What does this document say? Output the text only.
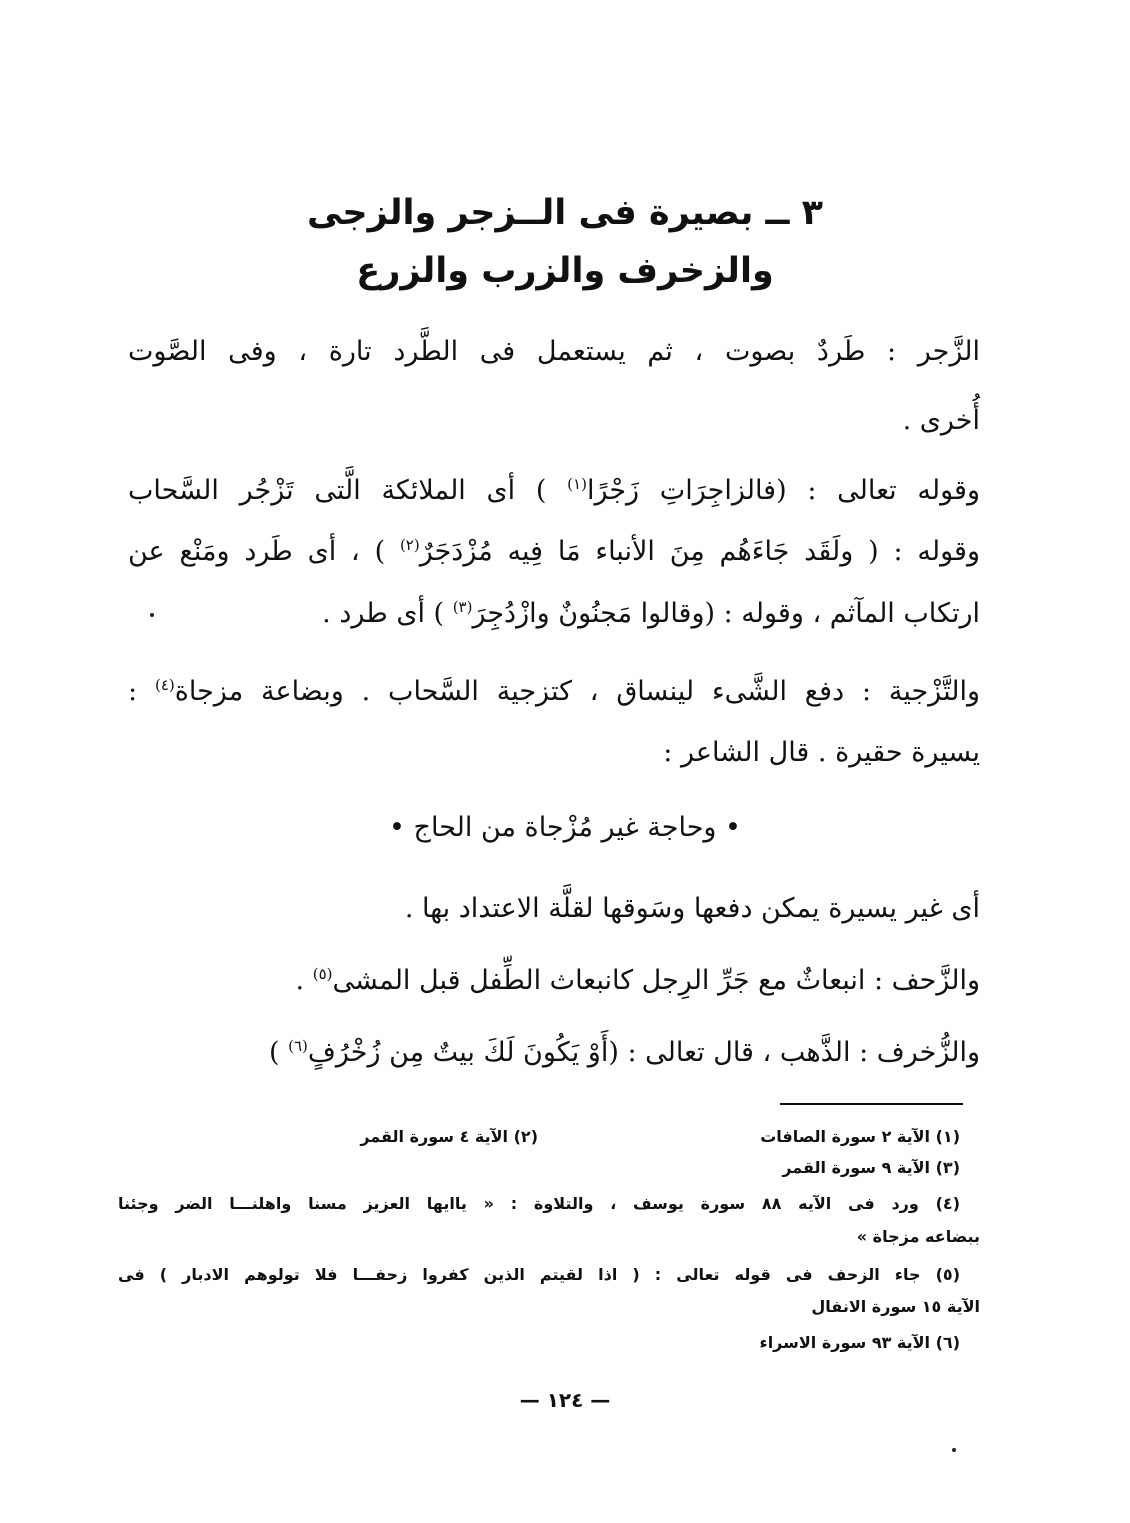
٣ ــ بصيرة فى الــزجر والزجى
والزخرف والزرب والزرع
الزَّجر : طَردٌ بصوت ، ثم يستعمل فى الطَّرد تارة ، وفى الصَّوت
أُخرى .
وقوله تعالى : (فالزاجِرَاتِ زَجْرًا$^{(١)}$ ) أى الملائكة الَّتى تَزْجُر السَّحاب
وقوله : ( ولَقَد جَاءَهُم مِنَ الأنباء مَا فِيه مُزْدَجَرٌ$^{(٢)}$ ) ، أى طَرد ومَنْع عن
ارتكاب المآثم ، وقوله : (وقالوا مَجنُونٌ وازْدُجِرَ$^{(٣)}$ ) أى طرد .
والتَّزْجية : دفع الشَّىء لينساق ، كتزجية السَّحاب . وبضاعة مزجاة$^{(٤)}$ :
يسيرة حقيرة . قال الشاعر :
• وحاجة غير مُزْجاة من الحاج •
أى غير يسيرة يمكن دفعها وسَوقها لقلَّة الاعتداد بها .
والزَّحف : انبعاثٌ مع جَرِّ الرِجل كانبعاث الطِّفل قبل المشى$^{(٥)}$ .
والزُّخرف : الذَّهب ، قال تعالى : (أَوْ يَكُونَ لَكَ بيتٌ مِن زُخْرُفٍ$^{(٦)}$ )
(١) الآية ٢ سورة الصافات
(٢) الآية ٤ سورة القمر
(٣) الآية ٩ سورة القمر
(٤) ورد فى الآيه ٨٨ سورة يوسف ، والتلاوة : « ياايها العزيز مسنا واهلنـــا الضر وجئنا
ببضاعه مزجاة »
(٥) جاء الزحف فى قوله تعالى : ( اذا لقيتم الذين كفروا زحفـــا فلا تولوهم الادبار ) فى
الآية ١٥ سورة الانفال
(٦) الآية ٩٣ سورة الاسراء
— ١٢٤ —
